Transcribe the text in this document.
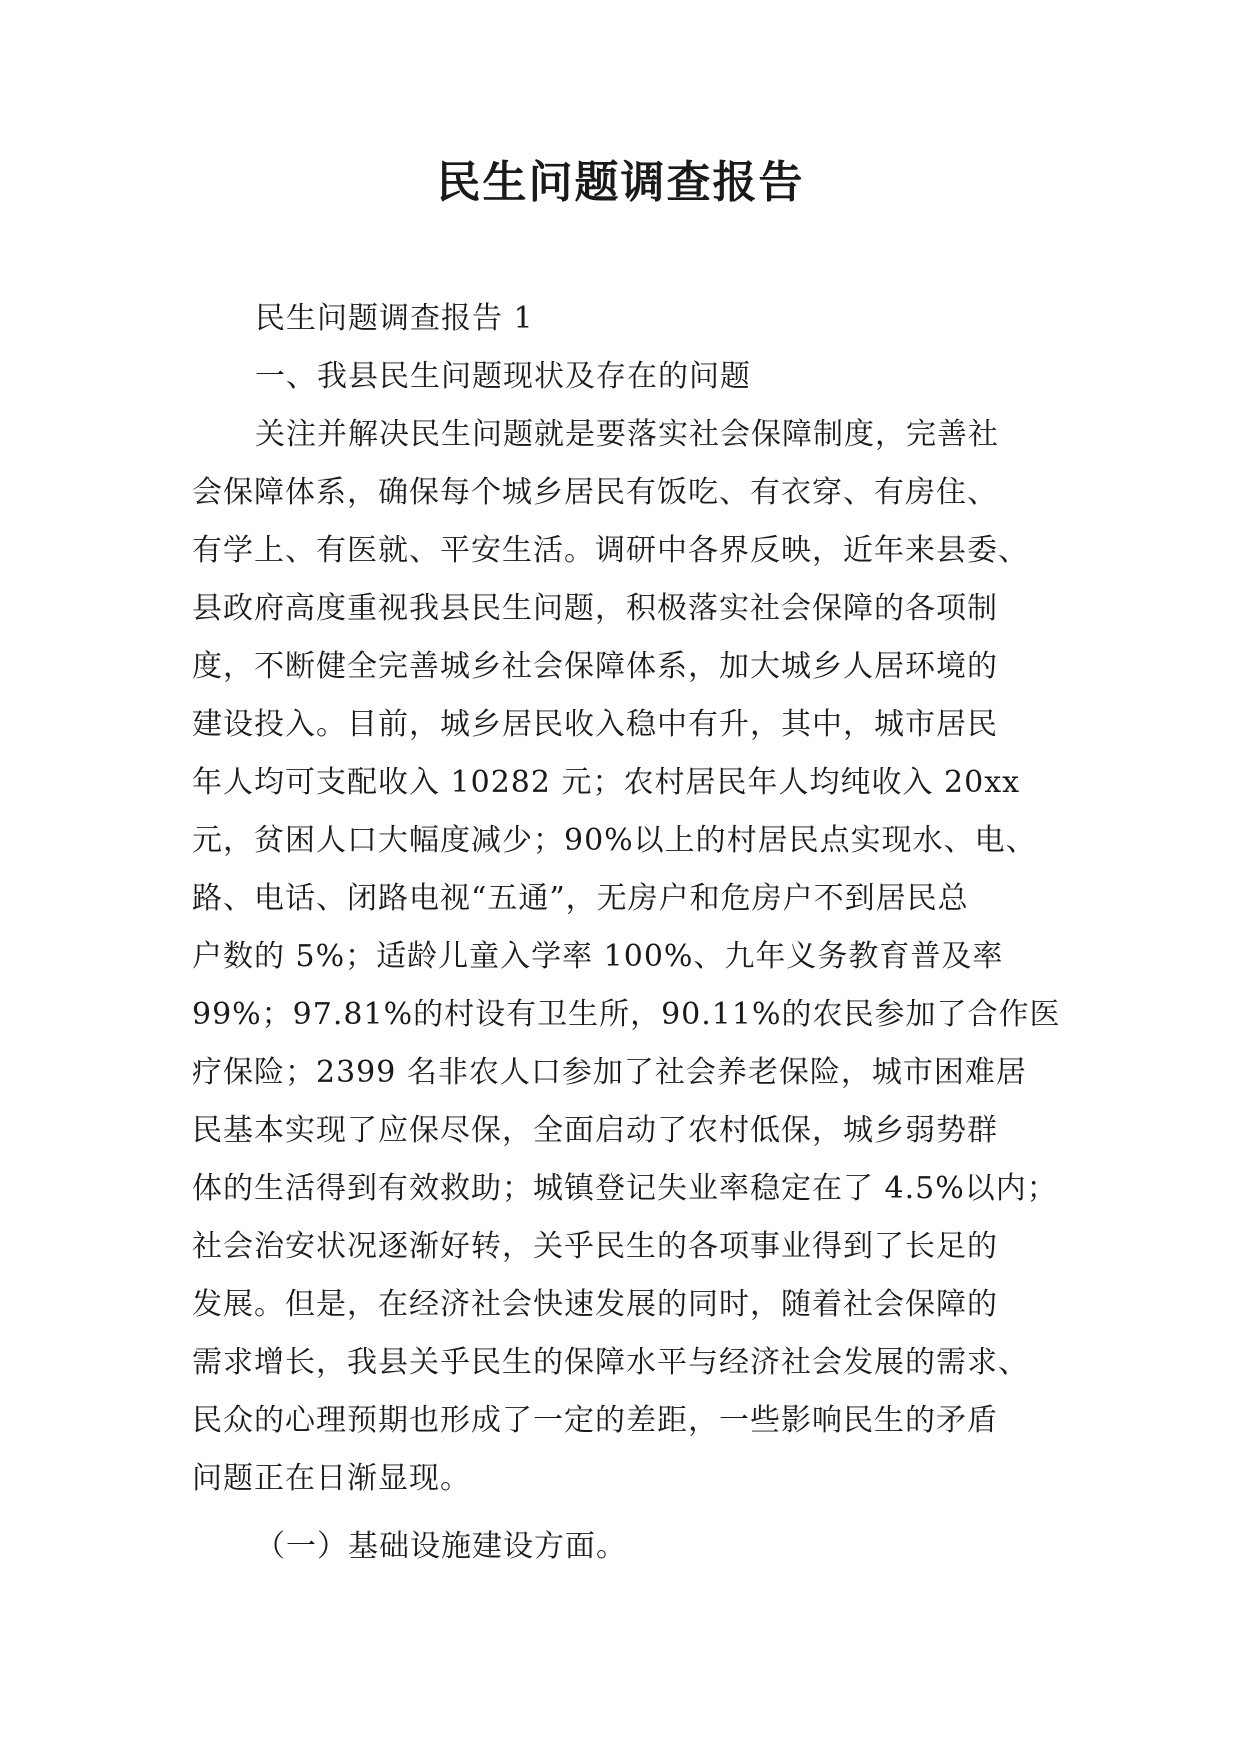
民生问题调查报告
民生问题调查报告 1
一、我县民生问题现状及存在的问题
关注并解决民生问题就是要落实社会保障制度，完善社
会保障体系，确保每个城乡居民有饭吃、有衣穿、有房住、
有学上、有医就、平安生活。调研中各界反映，近年来县委、
县政府高度重视我县民生问题，积极落实社会保障的各项制
度，不断健全完善城乡社会保障体系，加大城乡人居环境的
建设投入。目前，城乡居民收入稳中有升，其中，城市居民
年人均可支配收入 10282 元；农村居民年人均纯收入 20xx
元，贫困人口大幅度减少；90%以上的村居民点实现水、电、
路、电话、闭路电视“五通”，无房户和危房户不到居民总
户数的 5%；适龄儿童入学率 100%、九年义务教育普及率
99%；97.81%的村设有卫生所，90.11%的农民参加了合作医
疗保险；2399 名非农人口参加了社会养老保险，城市困难居
民基本实现了应保尽保，全面启动了农村低保，城乡弱势群
体的生活得到有效救助；城镇登记失业率稳定在了 4.5%以内；
社会治安状况逐渐好转，关乎民生的各项事业得到了长足的
发展。但是，在经济社会快速发展的同时，随着社会保障的
需求增长，我县关乎民生的保障水平与经济社会发展的需求、
民众的心理预期也形成了一定的差距，一些影响民生的矛盾
问题正在日渐显现。
（一）基础设施建设方面。
